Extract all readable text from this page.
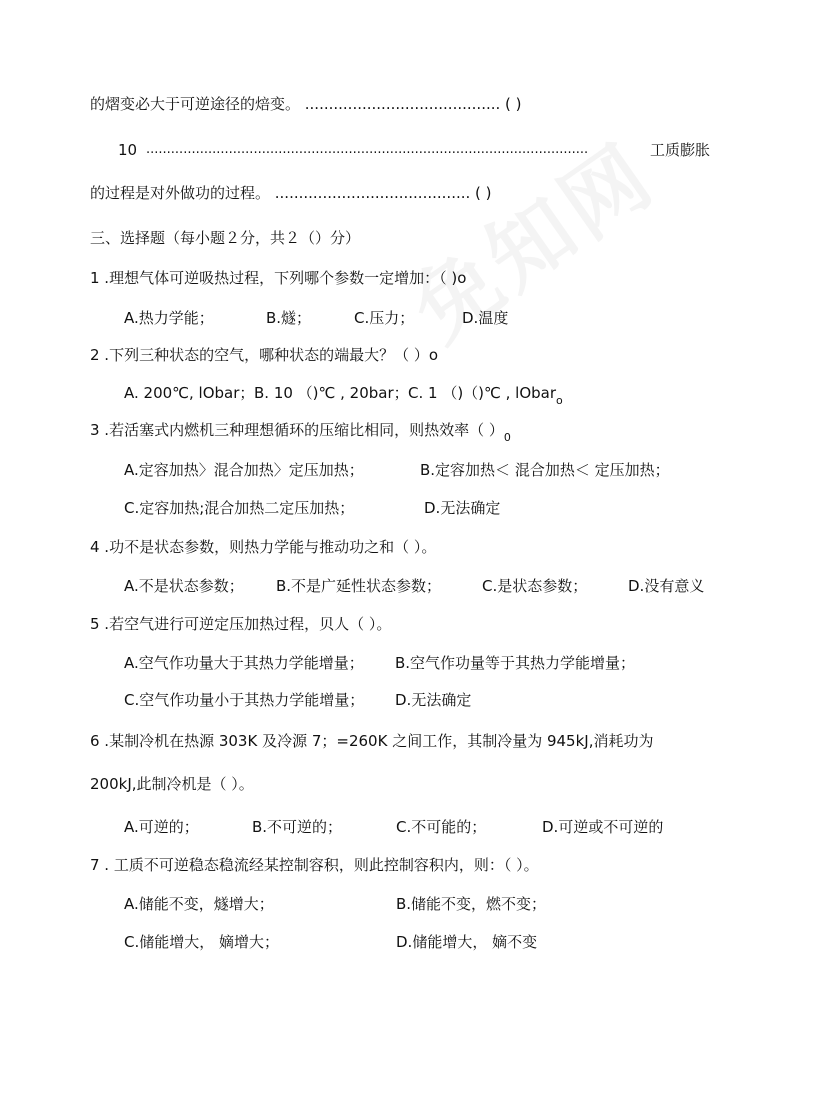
的熠变必大于可逆途径的焙变。 ......................................... ( )
10 ...........................................................................................................	工质膨胀
的过程是对外做功的过程。 ......................................... ( )
三、选择题（每小题２分，共２（）分）
1 .理想气体可逆吸热过程，下列哪个参数一定增加：（ )o
A.热力学能；	B.燧；	C.压力；	D.温度
2 .下列三种状态的空气，哪种状态的端最大？（ ）o
A. 200℃, lObar； B. 10 （)℃ , 20bar； C. 1 （)（)℃ , lObar$_o$
3 .若活塞式内燃机三种理想循环的压缩比相同，则热效率（ ）$_0$
A.定容加热〉混合加热〉定压加热；	B.定容加热＜ 混合加热＜ 定压加热；
C.定容加热;混合加热二定压加热；	D.无法确定
4 .功不是状态参数，则热力学能与推动功之和（ ）。
A.不是状态参数； B.不是广延性状态参数；	C.是状态参数；	D.没有意义
5 .若空气进行可逆定压加热过程，贝人（ ）。
A.空气作功量大于其热力学能增量； B.空气作功量等于其热力学能增量；
C.空气作功量小于其热力学能增量； D.无法确定
6 .某制冷机在热源 303K 及冷源 7；=260K 之间工作，其制冷量为 945kJ,消耗功为
200kJ,此制冷机是（ ）。
A.可逆的；	B.不可逆的；	C.不可能的；	D.可逆或不可逆的
7 . 工质不可逆稳态稳流经某控制容积，则此控制容积内，则：（ ）。
A.储能不变，燧增大；	B.储能不变，燃不变；
C.储能增大， 嫡增大；	D.储能增大， 嫡不变
